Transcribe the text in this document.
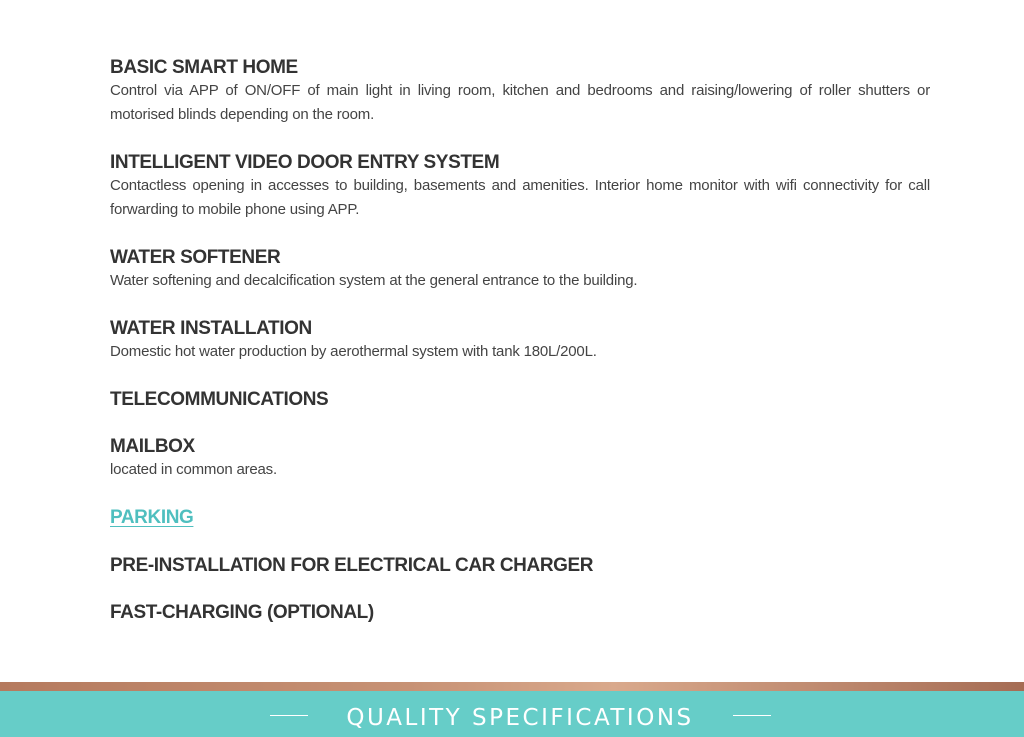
BASIC SMART HOME

Control via APP of ON/OFF of main light in living room, kitchen and bedrooms and raising/lowering of roller shutters or motorised blinds depending on the room.

INTELLIGENT VIDEO DOOR ENTRY SYSTEM

Contactless opening in accesses to building, basements and amenities. Interior home monitor with wifi connectivity for call forwarding to mobile phone using APP.

WATER SOFTENER

Water softening and decalcification system at the general entrance to the building.

WATER INSTALLATION

Domestic hot water production by aerothermal system with tank 180L/200L.

TELECOMMUNICATIONS
MAILBOX

located in common areas.

PARKING
PRE-INSTALLATION FOR ELECTRICAL CAR CHARGER
FAST-CHARGING (OPTIONAL)
QUALITY SPECIFICATIONS
